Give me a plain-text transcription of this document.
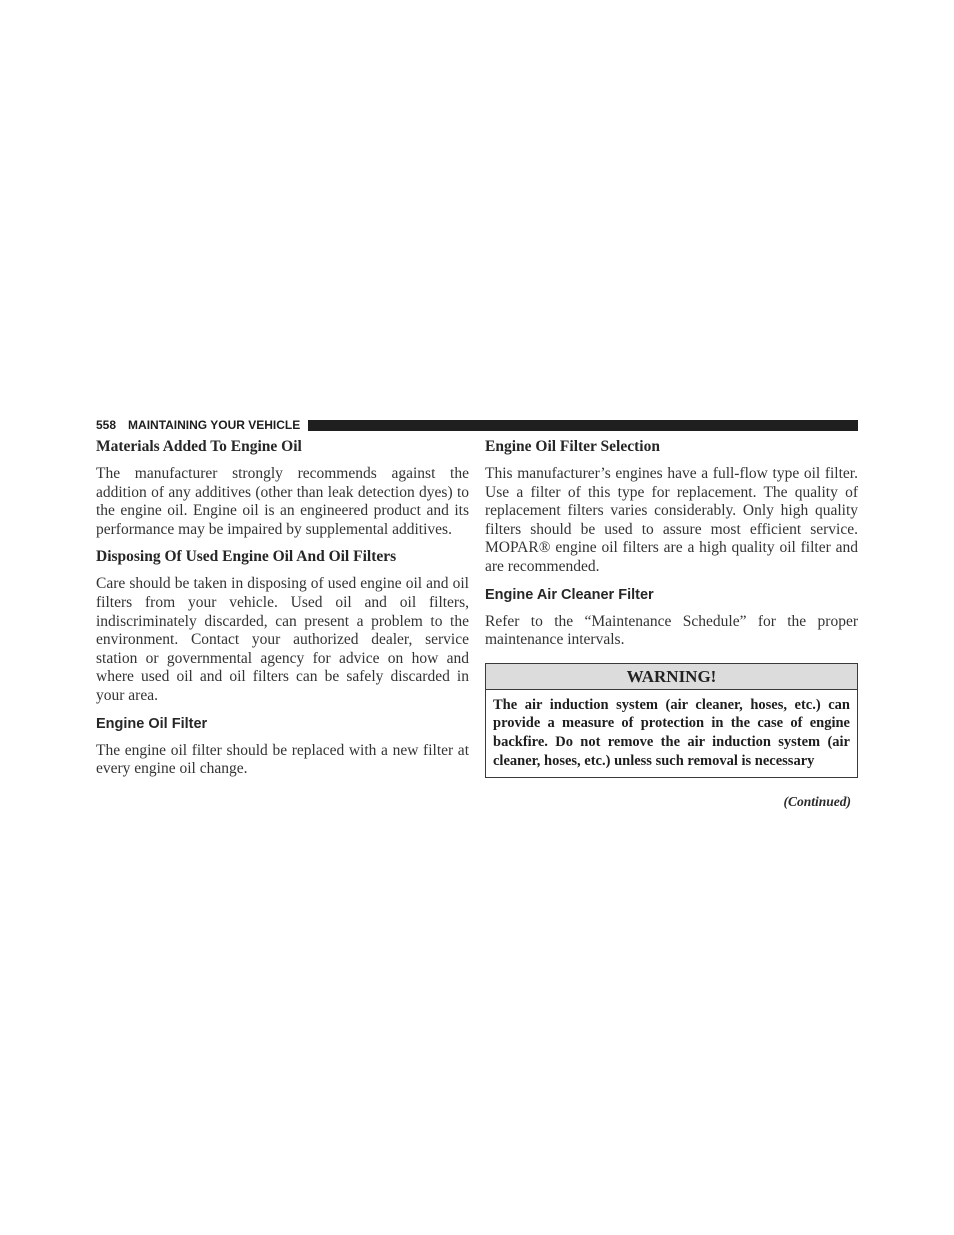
558 MAINTAINING YOUR VEHICLE
Materials Added To Engine Oil

The manufacturer strongly recommends against the addition of any additives (other than leak detection dyes) to the engine oil. Engine oil is an engineered product and its performance may be impaired by supplemental additives.

Disposing Of Used Engine Oil And Oil Filters

Care should be taken in disposing of used engine oil and oil filters from your vehicle. Used oil and oil filters, indiscriminately discarded, can present a problem to the environment. Contact your authorized dealer, service station or governmental agency for advice on how and where used oil and oil filters can be safely discarded in your area.

Engine Oil Filter

The engine oil filter should be replaced with a new filter at every engine oil change.

Engine Oil Filter Selection

This manufacturer’s engines have a full-flow type oil filter. Use a filter of this type for replacement. The quality of replacement filters varies considerably. Only high quality filters should be used to assure most efficient service. MOPAR® engine oil filters are a high quality oil filter and are recommended.

Engine Air Cleaner Filter

Refer to the “Maintenance Schedule” for the proper maintenance intervals.

WARNING!
The air induction system (air cleaner, hoses, etc.) can provide a measure of protection in the case of engine backfire. Do not remove the air induction system (air cleaner, hoses, etc.) unless such removal is necessary
(Continued)
